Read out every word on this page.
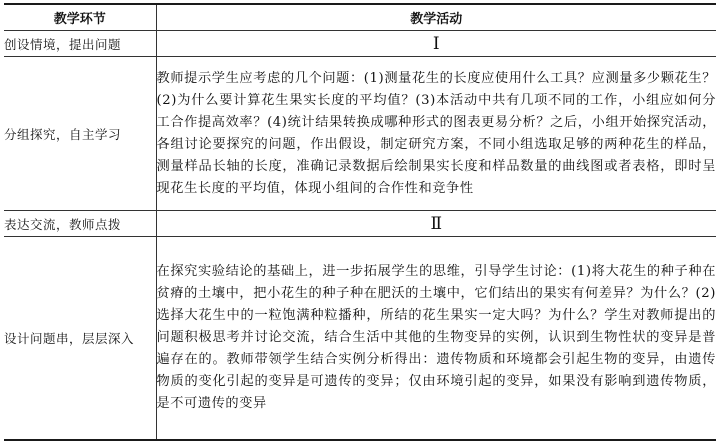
教学环节	教学活动
创设情境，提出问题	Ⅰ
分组探究，自主学习	教师提示学生应考虑的几个问题：(1)测量花生的长度应使用什么工具？应测量多少颗花生？(2)为什么要计算花生果实长度的平均值？(3)本活动中共有几项不同的工作，小组应如何分工合作提高效率？(4)统计结果转换成哪种形式的图表更易分析？之后，小组开始探究活动，各组讨论要探究的问题，作出假设，制定研究方案，不同小组选取足够的两种花生的样品，测量样品长轴的长度，准确记录数据后绘制果实长度和样品数量的曲线图或者表格，即时呈现花生长度的平均值，体现小组间的合作性和竞争性
表达交流，教师点拨	Ⅱ
设计问题串，层层深入	在探究实验结论的基础上，进一步拓展学生的思维，引导学生讨论：(1)将大花生的种子种在贫瘠的土壤中，把小花生的种子种在肥沃的土壤中，它们结出的果实有何差异？为什么？(2)选择大花生中的一粒饱满种粒播种，所结的花生果实一定大吗？为什么？学生对教师提出的问题积极思考并讨论交流，结合生活中其他的生物变异的实例，认识到生物性状的变异是普遍存在的。教师带领学生结合实例分析得出：遗传物质和环境都会引起生物的变异，由遗传物质的变化引起的变异是可遗传的变异；仅由环境引起的变异，如果没有影响到遗传物质，是不可遗传的变异
